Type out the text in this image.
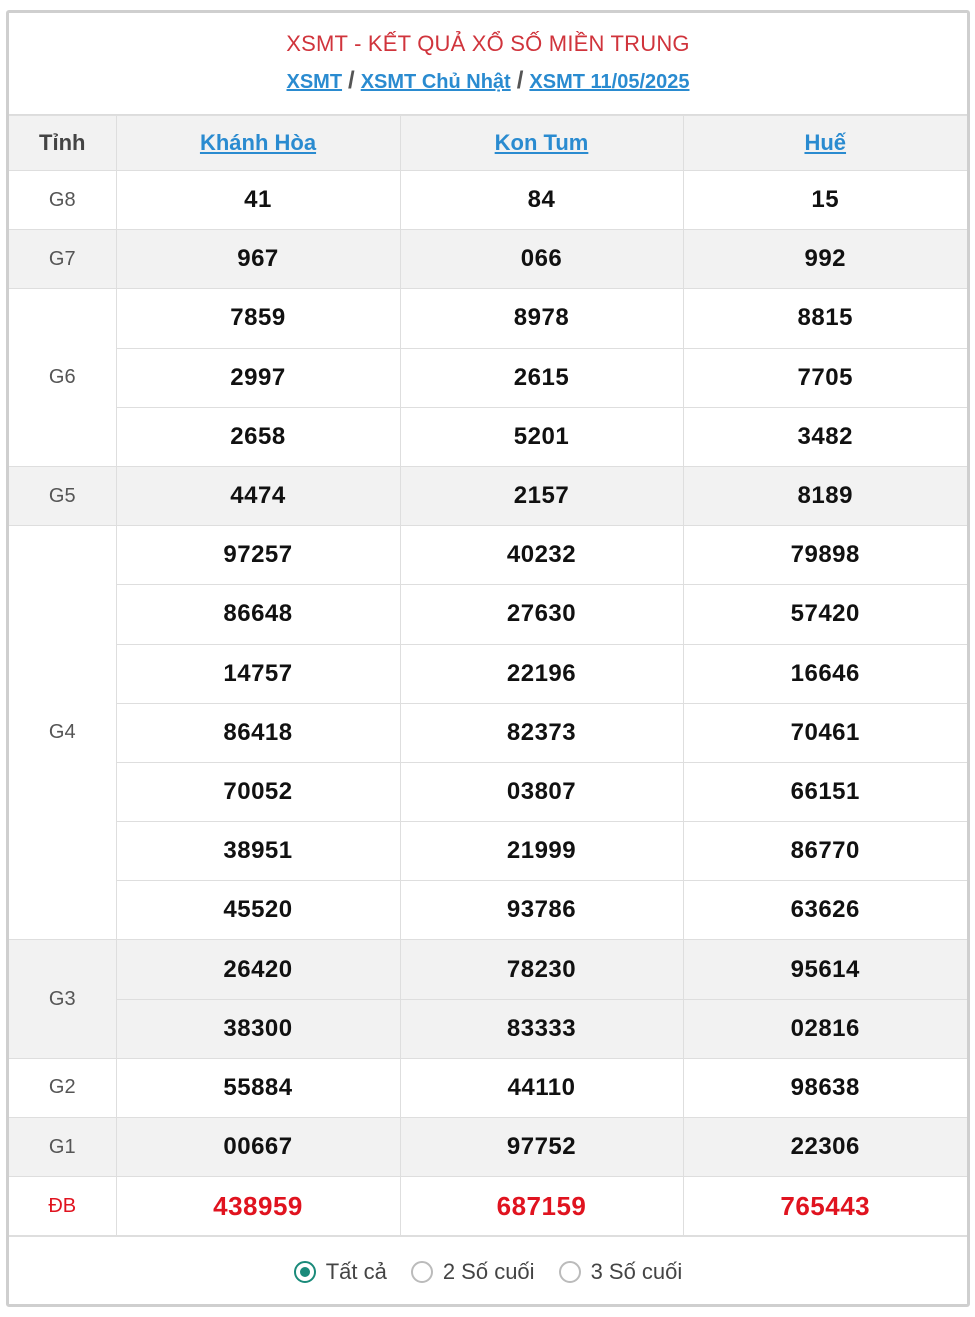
XSMT - KẾT QUẢ XỔ SỐ MIỀN TRUNG
XSMT / XSMT Chủ Nhật / XSMT 11/05/2025
Tỉnh	Khánh Hòa	Kon Tum	Huế
G8	41	84	15
G7	967	066	992
G6	7859	8978	8815
	2997	2615	7705
	2658	5201	3482
G5	4474	2157	8189
G4	97257	40232	79898
	86648	27630	57420
	14757	22196	16646
	86418	82373	70461
	70052	03807	66151
	38951	21999	86770
	45520	93786	63626
G3	26420	78230	95614
	38300	83333	02816
G2	55884	44110	98638
G1	00667	97752	22306
ĐB	438959	687159	765443
Tất cả	2 Số cuối	3 Số cuối
